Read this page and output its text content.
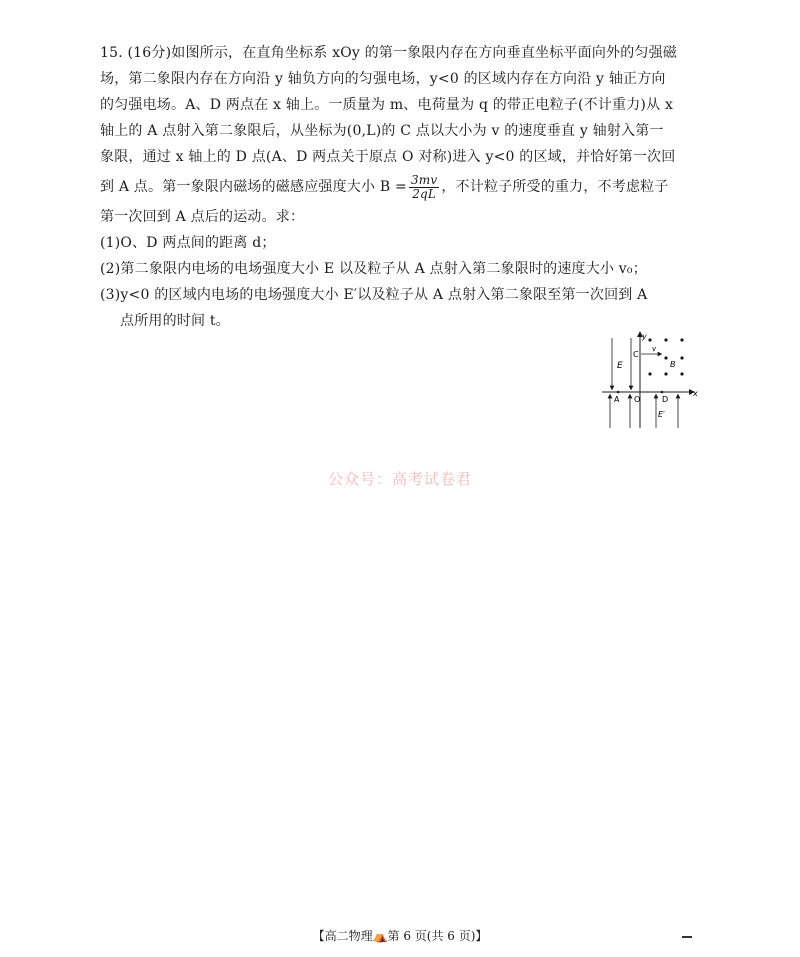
15. (16分)如图所示，在直角坐标系 xOy 的第一象限内存在方向垂直坐标平面向外的匀强磁
场，第二象限内存在方向沿 y 轴负方向的匀强电场，y<0 的区域内存在方向沿 y 轴正方向
的匀强电场。A、D 两点在 x 轴上。一质量为 m、电荷量为 q 的带正电粒子(不计重力)从 x
轴上的 A 点射入第二象限后，从坐标为(0,L)的 C 点以大小为 v 的速度垂直 y 轴射入第一
象限，通过 x 轴上的 D 点(A、D 两点关于原点 O 对称)进入 y<0 的区域，并恰好第一次回
到 A 点。第一象限内磁场的磁感应强度大小 $B = \frac{3mv}{2qL}$ ，不计粒子所受的重力，不考虑粒子
第一次回到 A 点后的运动。求：
(1)O、D 两点间的距离 d；
(2)第二象限内电场的电场强度大小 E 以及粒子从 A 点射入第二象限时的速度大小 v₀；
(3)y<0 的区域内电场的电场强度大小 E′以及粒子从 A 点射入第二象限至第一次回到 A
点所用的时间 t。
y
x
E
C
v
B
A O	D
E′
公众号：高考试卷君
【高二物理⛺第 6 页(共 6 页)】
